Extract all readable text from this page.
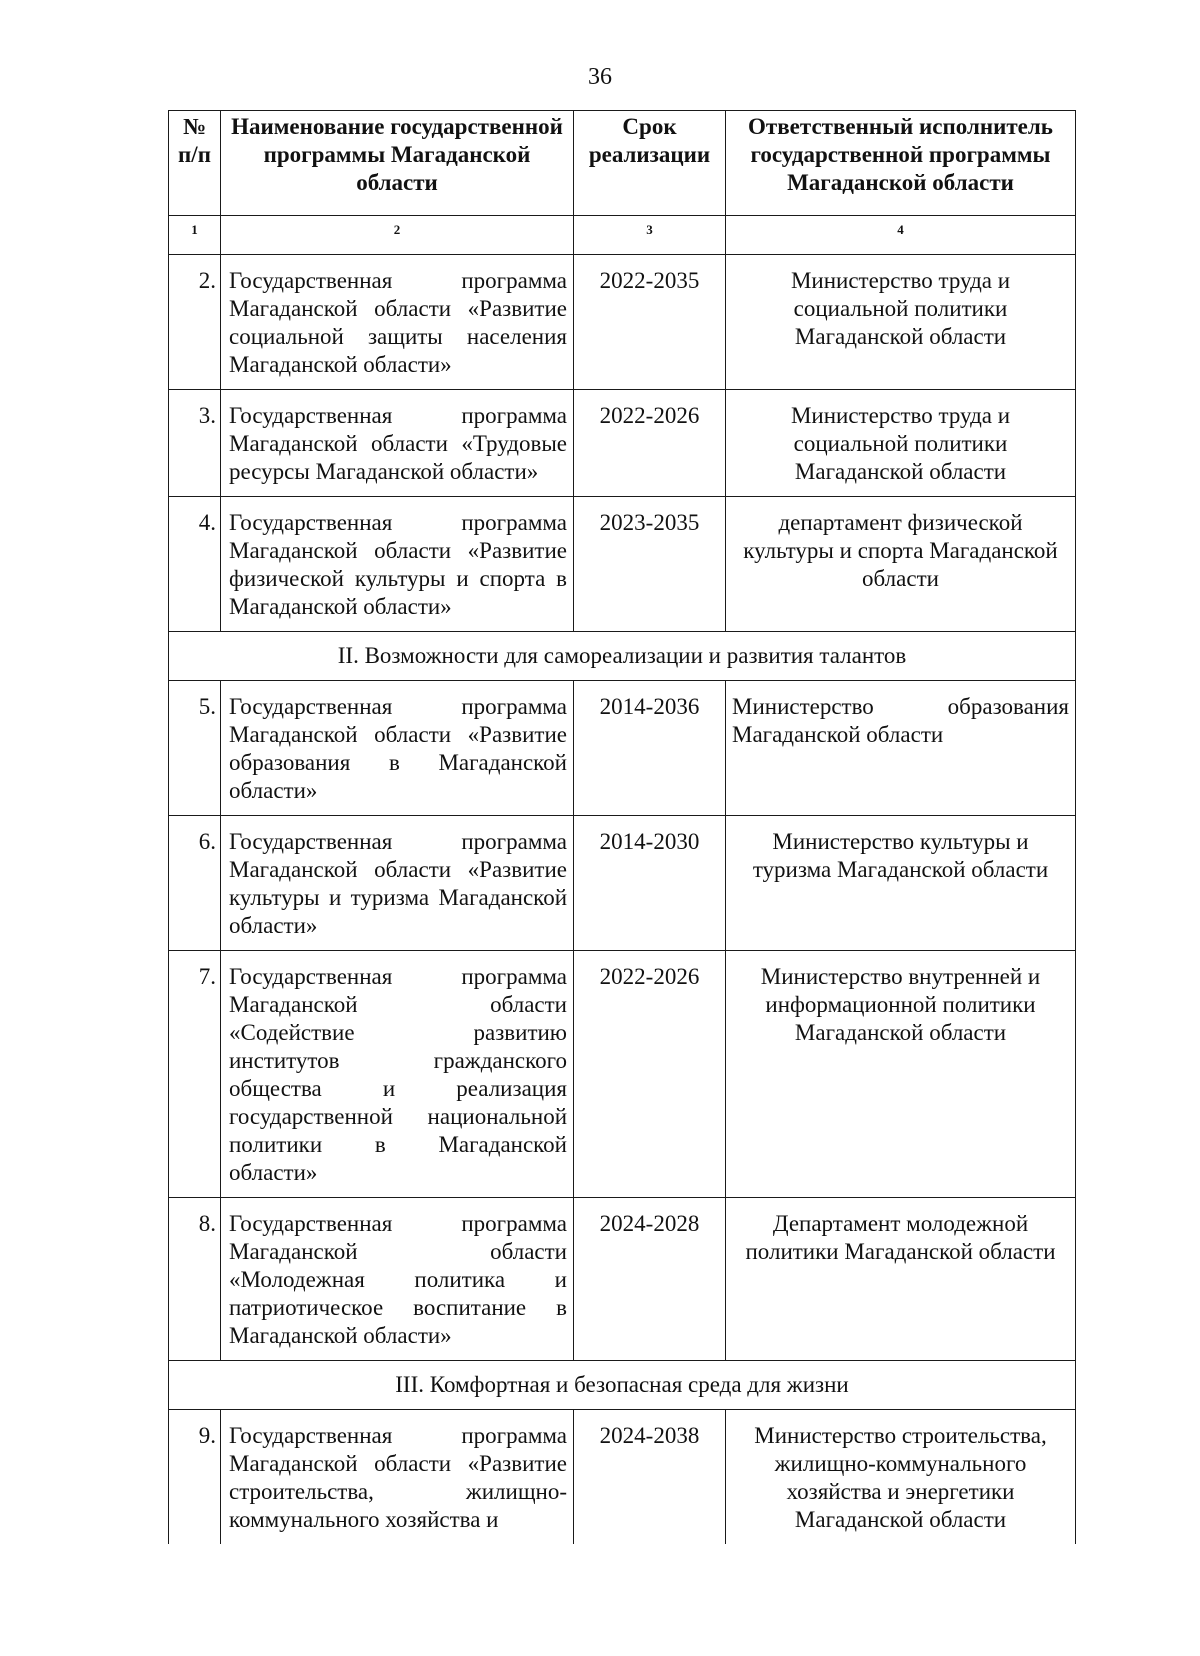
36
№ п/п	Наименование государственной программы Магаданской области	Срок реализации	Ответственный исполнитель государственной программы Магаданской области
1	2	3	4
2.	Государственная программа Магаданской области «Развитие социальной защиты населения Магаданской области»	2022-2035	Министерство труда и социальной политики Магаданской области
3.	Государственная программа Магаданской области «Трудовые ресурсы Магаданской области»	2022-2026	Министерство труда и социальной политики Магаданской области
4.	Государственная программа Магаданской области «Развитие физической культуры и спорта в Магаданской области»	2023-2035	департамент физической культуры и спорта Магаданской области
II. Возможности для самореализации и развития талантов			
5.	Государственная программа Магаданской области «Развитие образования в Магаданской области»	2014-2036	Министерство образования Магаданской области
6.	Государственная программа Магаданской области «Развитие культуры и туризма Магаданской области»	2014-2030	Министерство культуры и туризма Магаданской области
7.	Государственная программа Магаданской области «Содействие развитию институтов гражданского общества и реализация государственной национальной политики в Магаданской области»	2022-2026	Министерство внутренней и информационной политики Магаданской области
8.	Государственная программа Магаданской области «Молодежная политика и патриотическое воспитание в Магаданской области»	2024-2028	Департамент молодежной политики Магаданской области
III. Комфортная и безопасная среда для жизни			
9.	Государственная программа Магаданской области «Развитие строительства, жилищно-коммунального хозяйства и	2024-2038	Министерство строительства, жилищно-коммунального хозяйства и энергетики Магаданской области
